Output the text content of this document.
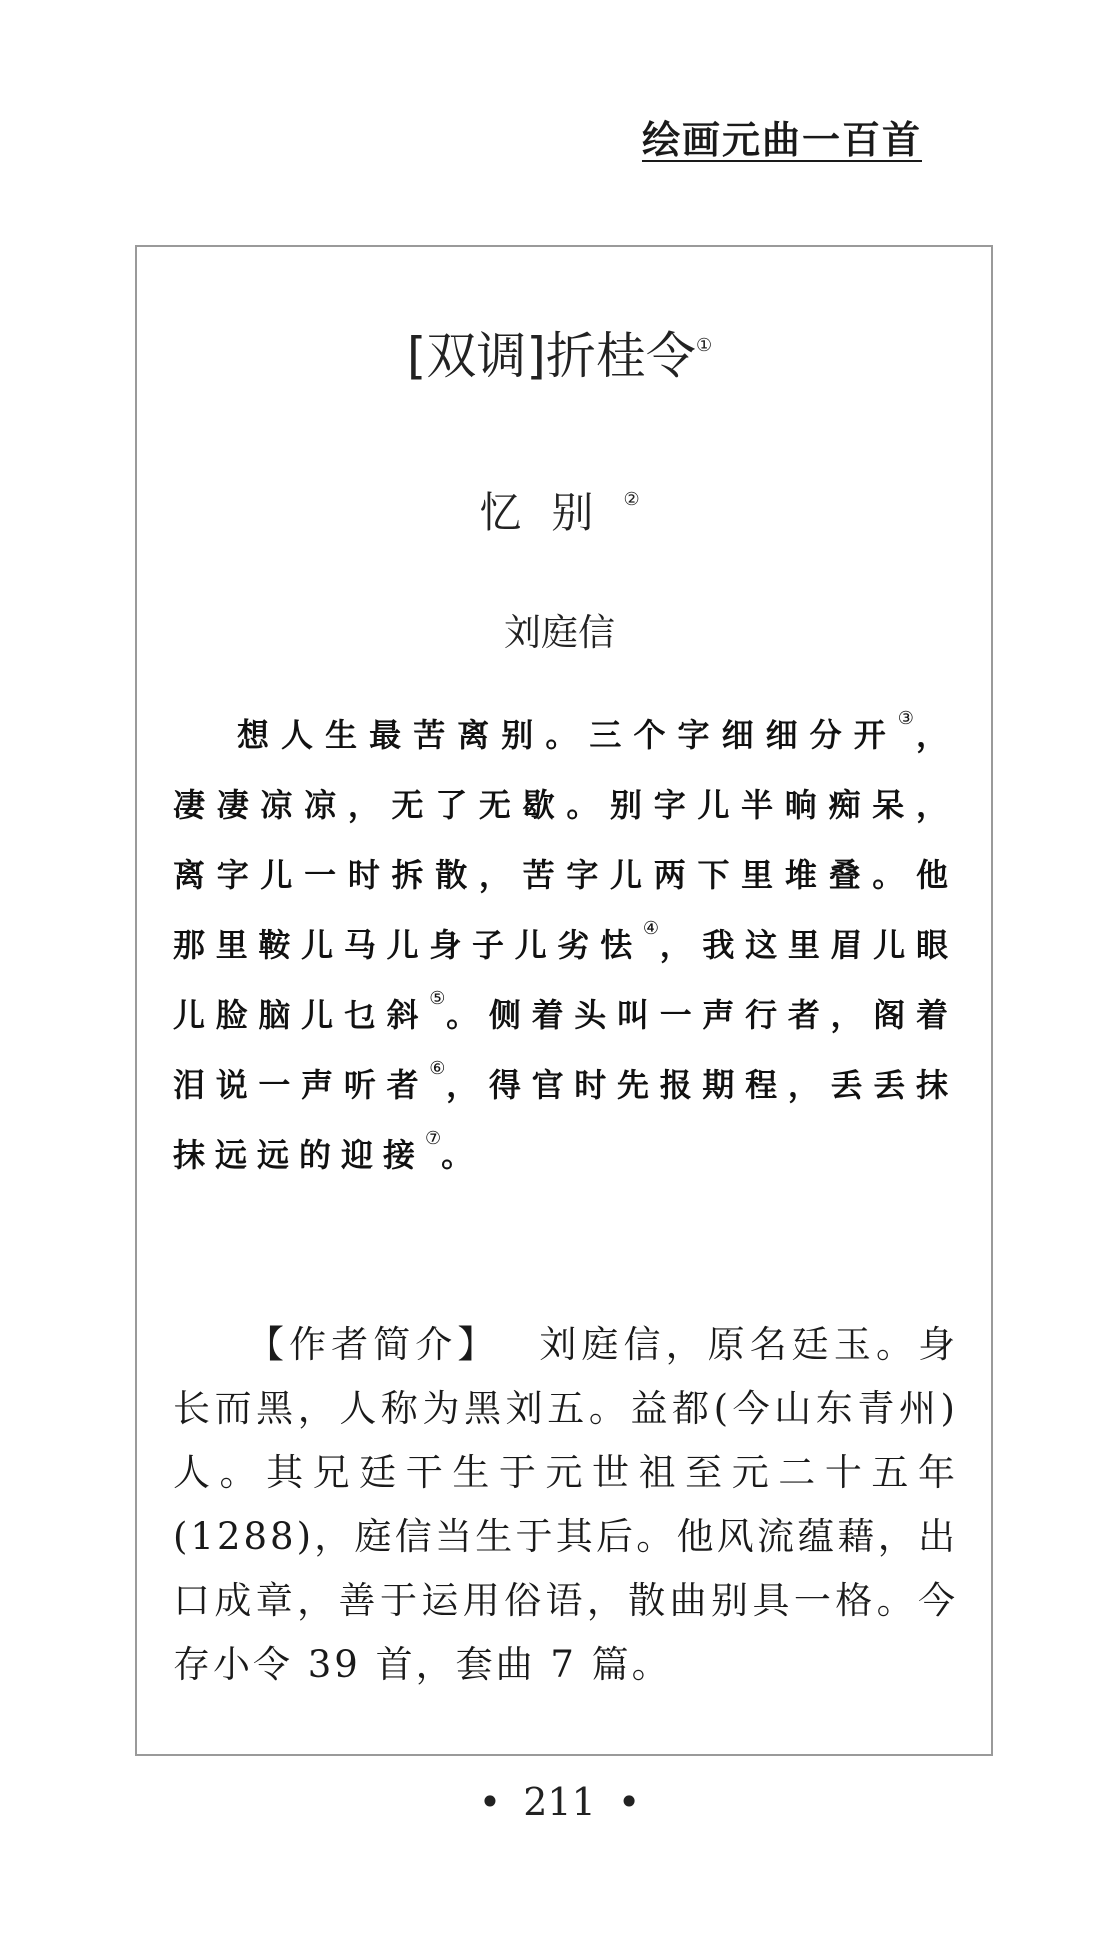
绘画元曲一百首
[双调]折桂令①
忆别②
刘庭信
想人生最苦离别。三个字细细分开③，凄凄凉凉，无了无歇。别字儿半晌痴呆，离字儿一时拆散，苦字儿两下里堆叠。他那里鞍儿马儿身子儿劣怯④，我这里眉儿眼儿脸脑儿乜斜⑤。侧着头叫一声行者，阁着泪说一声听者⑥，得官时先报期程，丢丢抹抹远远的迎接⑦。
【作者简介】 刘庭信，原名廷玉。身长而黑，人称为黑刘五。益都(今山东青州)人。其兄廷干生于元世祖至元二十五年(1288)，庭信当生于其后。他风流蕴藉，出口成章，善于运用俗语，散曲别具一格。今存小令 39 首，套曲 7 篇。
• 211 •
